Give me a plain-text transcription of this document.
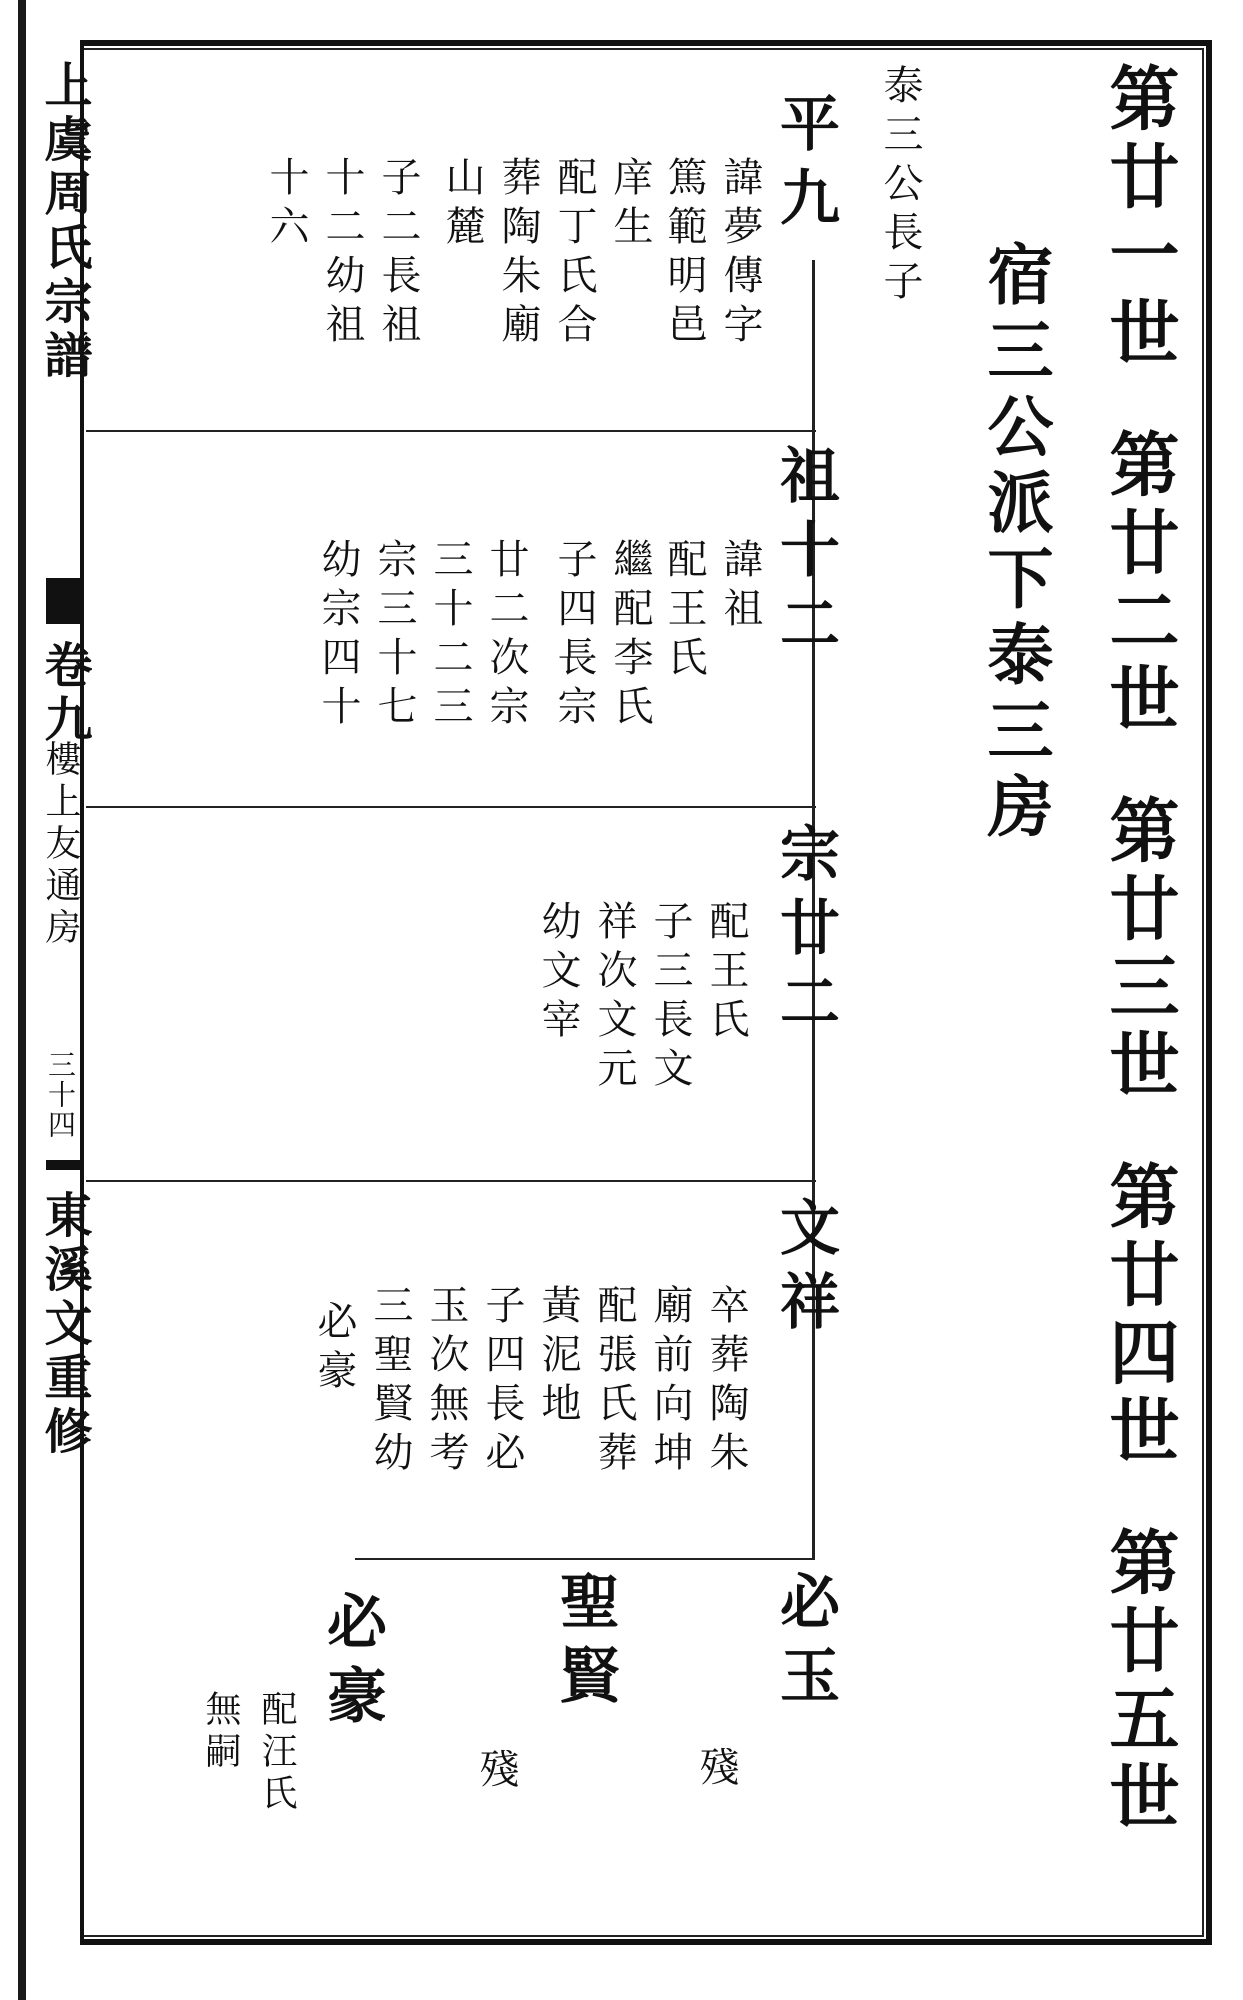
上虞周氏宗譜
卷九
樓上友通房
三十四
東溪文重修
第廿一世
第廿二世
第廿三世
第廿四世
第廿五世
宿三公派下泰三房
平九 泰三公長子
諱夢傳字
篤範明邑
庠生
配丁氏合
葬陶朱廟
山麓
子二長祖
十二幼祖
十六
祖十二
諱祖
配王氏
繼配李氏
子四長宗
廿二次宗
三十二三
宗三十七
幼宗四十
宗廿二
配王氏
子三長文
祥次文元
幼文宰
文祥
卒葬陶朱
廟前向坤
配張氏葬
黃泥地
子四長必
玉次無考
三聖賢幼
必豪
必玉
殘
聖賢
殘
必豪
配汪氏
無嗣
